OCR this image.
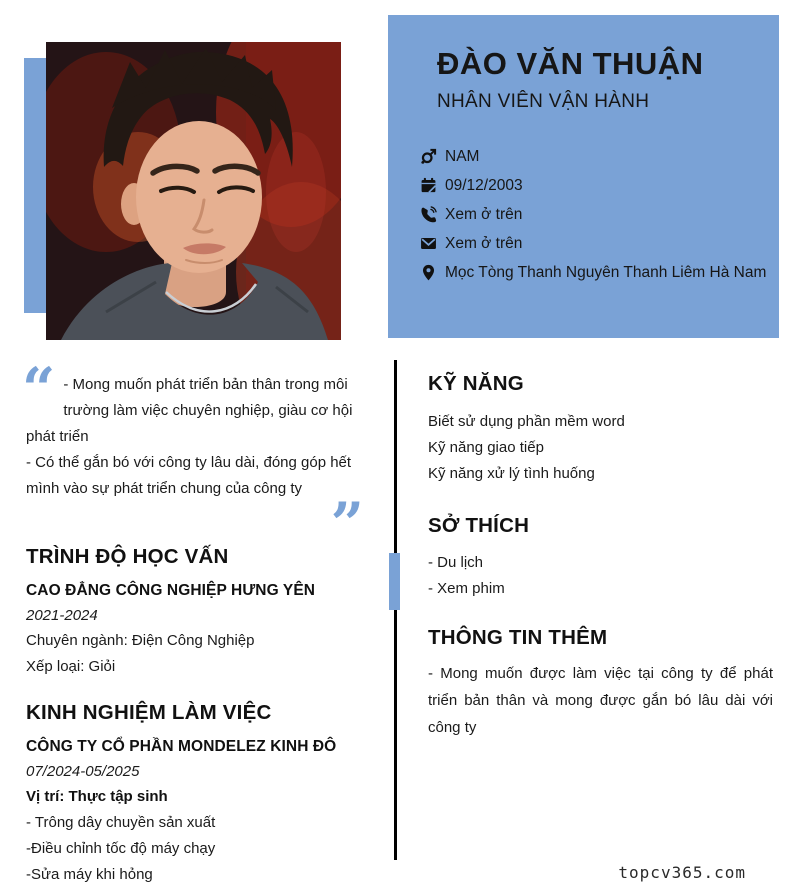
ĐÀO VĂN THUẬN
NHÂN VIÊN VẬN HÀNH
NAM
09/12/2003
Xem ở trên
Xem ở trên
Mọc Tòng Thanh Nguyên Thanh Liêm Hà Nam
“ - Mong muốn phát triển bản thân trong môi trường làm việc chuyên nghiệp, giàu cơ hội phát triển

- Có thể gắn bó với công ty lâu dài, đóng góp hết mình vào sự phát triển chung của công ty

”
TRÌNH ĐỘ HỌC VẤN
CAO ĐẲNG CÔNG NGHIỆP HƯNG YÊN
2021-2024
Chuyên ngành: Điện Công Nghiệp
Xếp loại: Giỏi
KINH NGHIỆM LÀM VIỆC
CÔNG TY CỔ PHẦN MONDELEZ KINH ĐÔ
07/2024-05/2025
Vị trí: Thực tập sinh
- Trông dây chuyền sản xuất
-Điều chỉnh tốc độ máy chạy
-Sửa máy khi hỏng
KỸ NĂNG
Biết sử dụng phần mềm word
Kỹ năng giao tiếp
Kỹ năng xử lý tình huống
SỞ THÍCH
- Du lịch
- Xem phim
THÔNG TIN THÊM

- Mong muốn được làm việc tại công ty để phát triển bản thân và mong được gắn bó lâu dài với công ty

topcv365.com
